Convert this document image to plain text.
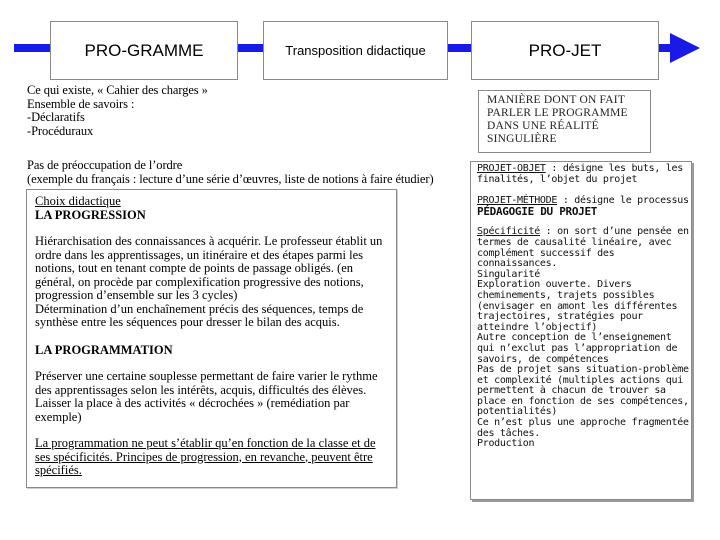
PRO-GRAMME	Transposition didactique	PRO-JET
Ce qui existe, « Cahier des charges »
Ensemble de savoirs :
-Déclaratifs
-Procéduraux
Pas de préoccupation de l’ordre
(exemple du français : lecture d’une série d’œuvres, liste de notions à faire étudier)
Choix didactique
LA PROGRESSION

Hiérarchisation des connaissances à acquérir. Le professeur établit un ordre dans les apprentissages, un itinéraire et des étapes parmi les notions, tout en tenant compte de points de passage obligés. (en général, on procède par complexification progressive des notions, progression d’ensemble sur les 3 cycles)

Détermination d’un enchaînement précis des séquences, temps de synthèse entre les séquences pour dresser le bilan des acquis.

LA PROGRAMMATION

Préserver une certaine souplesse permettant de faire varier le rythme des apprentissages selon les intérêts, acquis, difficultés des élèves.

Laisser la place à des activités « décrochées » (remédiation par exemple)

La programmation ne peut s’établir qu’en fonction de la classe et de ses spécificités. Principes de progression, en revanche, peuvent être spécifiés.

MANIÈRE DONT ON FAIT
PARLER LE PROGRAMME
DANS UNE RÉALITÉ
SINGULIÈRE
PROJET-OBJET : désigne les buts, les finalités, l’objet du projet
PROJET-MÉTHODE : désigne le processus
PÉDAGOGIE DU PROJET
Spécificité : on sort d’une pensée en termes de causalité linéaire, avec complément successif des connaissances.
Singularité
Exploration ouverte. Divers cheminements, trajets possibles (envisager en amont les différentes trajectoires, stratégies pour atteindre l’objectif)
Autre conception de l’enseignement qui n’exclut pas l’appropriation de savoirs, de compétences
Pas de projet sans situation-problème et complexité (multiples actions qui permettent à chacun de trouver sa place en fonction de ses compétences, potentialités)
Ce n’est plus une approche fragmentée des tâches.
Production
